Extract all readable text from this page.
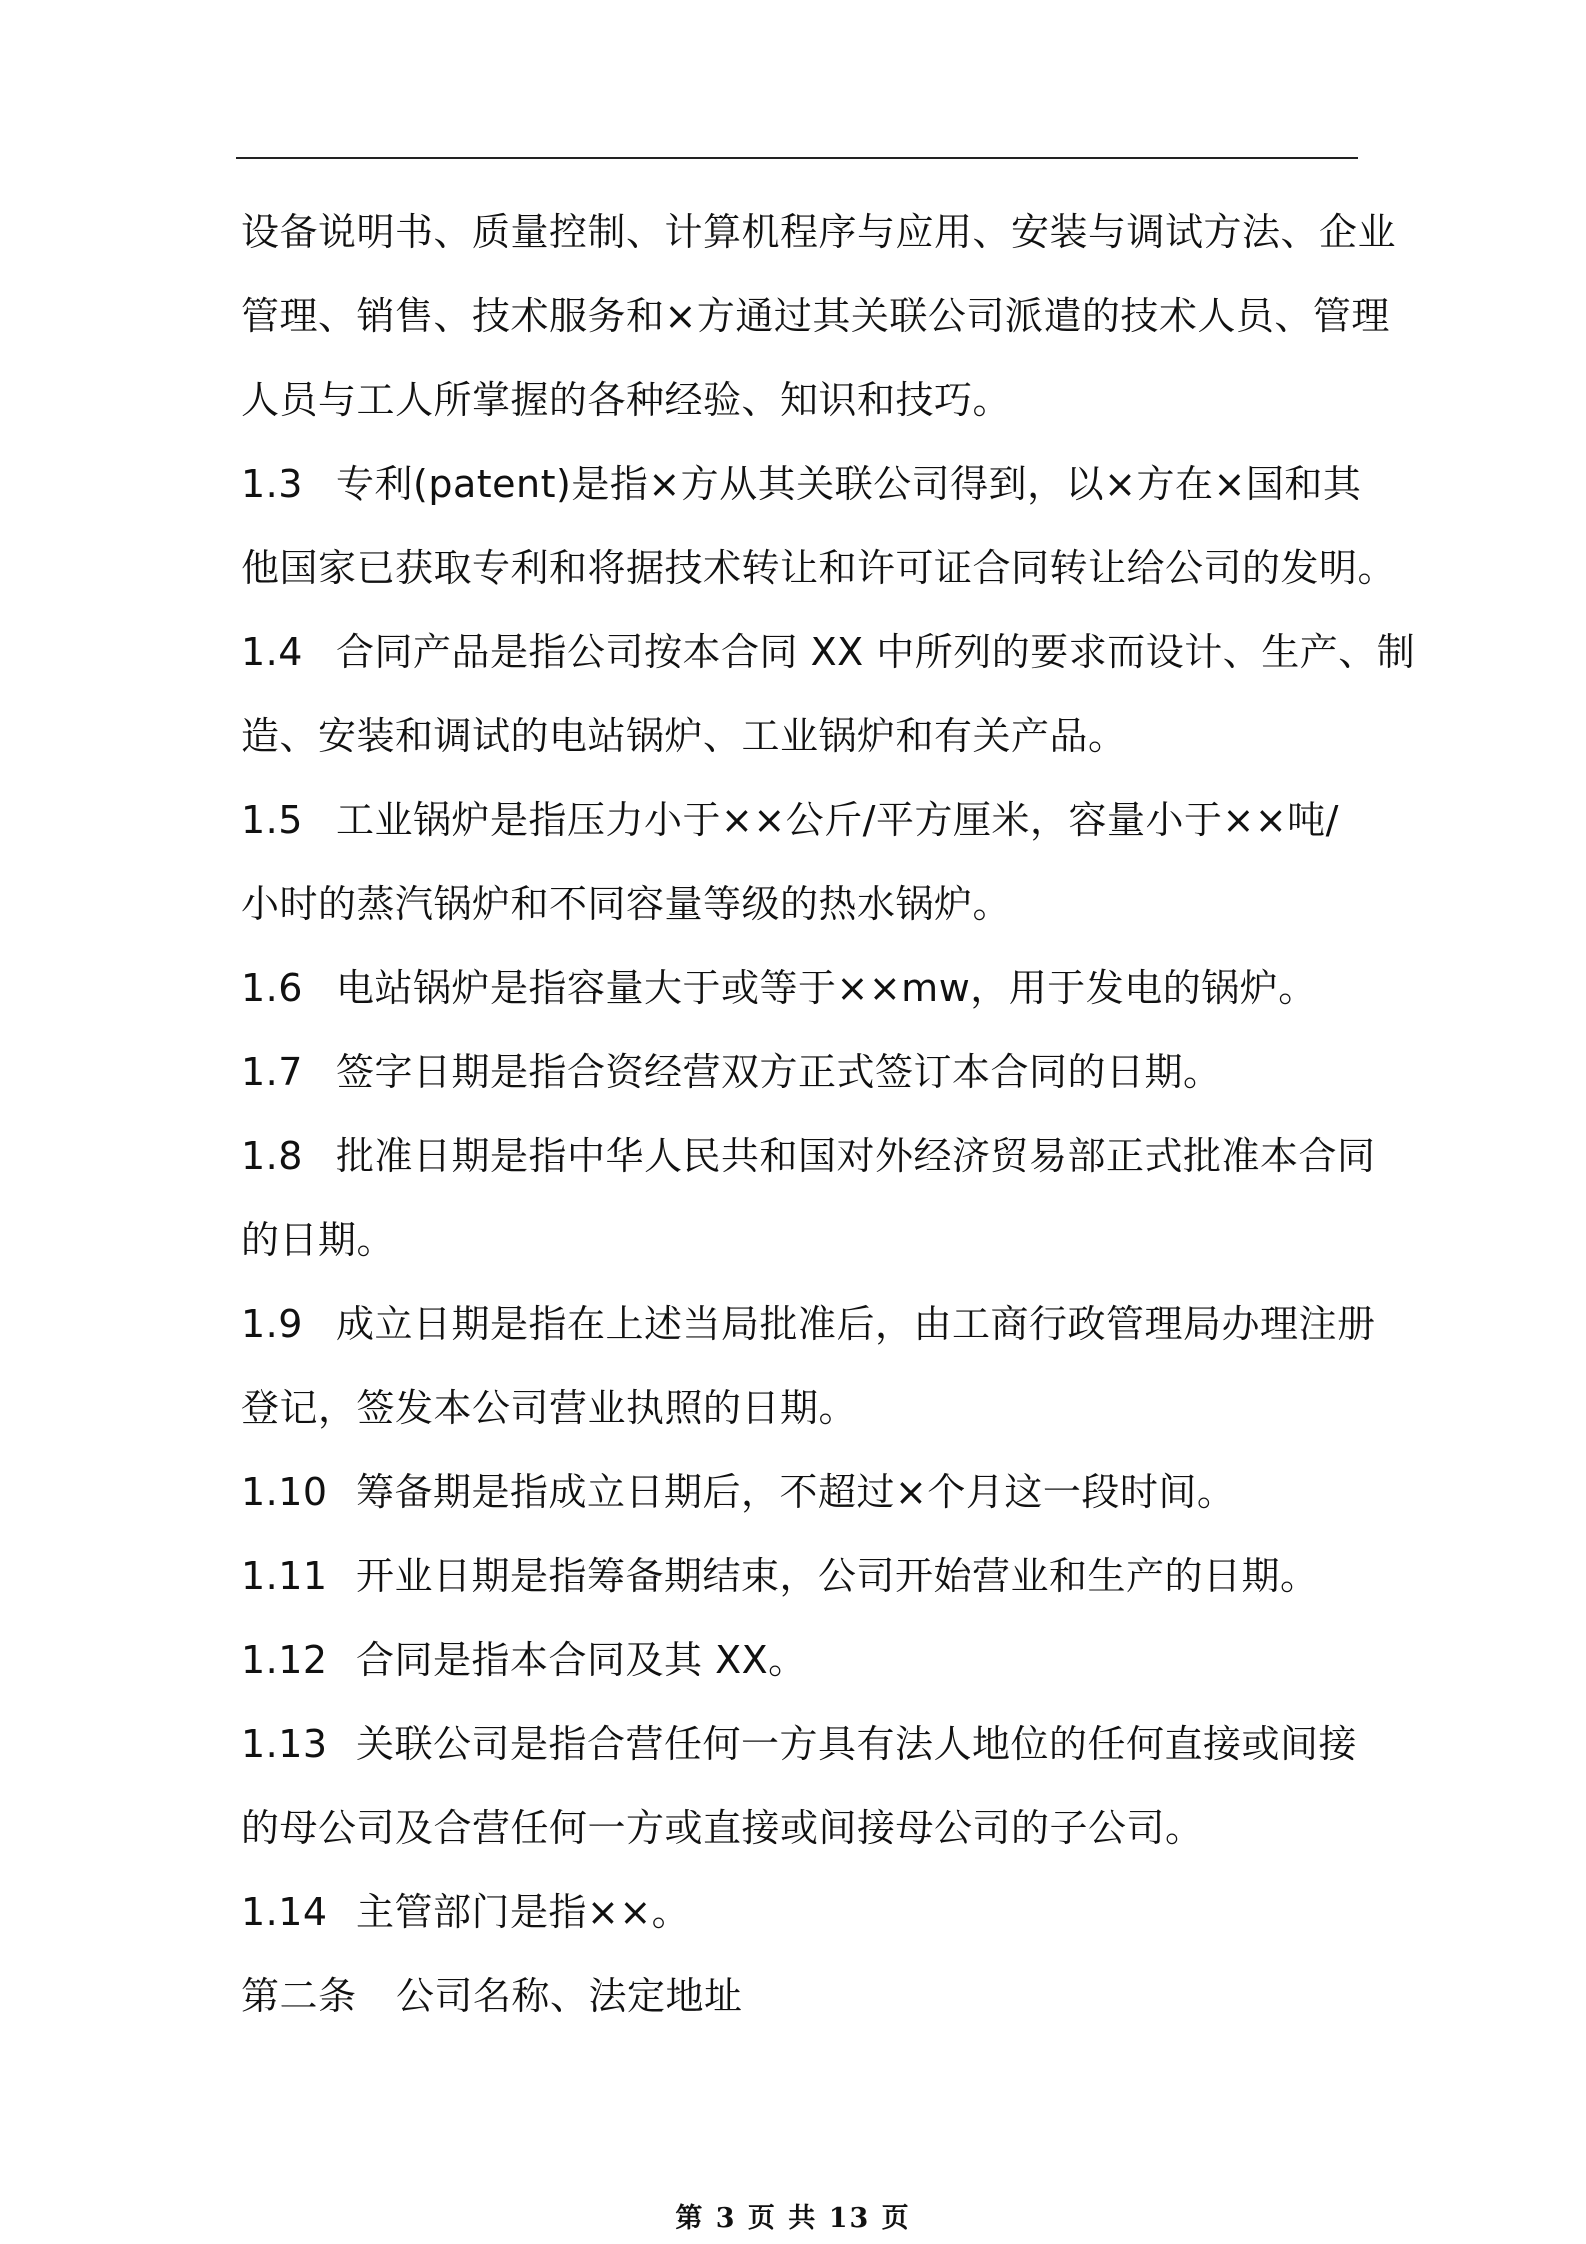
设备说明书、质量控制、计算机程序与应用、安装与调试方法、企业

管理、销售、技术服务和×方通过其关联公司派遣的技术人员、管理

人员与工人所掌握的各种经验、知识和技巧。

1.3 专利(patent)是指×方从其关联公司得到，以×方在×国和其

他国家已获取专利和将据技术转让和许可证合同转让给公司的发明。

1.4 合同产品是指公司按本合同 XX 中所列的要求而设计、生产、制

造、安装和调试的电站锅炉、工业锅炉和有关产品。

1.5 工业锅炉是指压力小于××公斤/平方厘米，容量小于××吨/

小时的蒸汽锅炉和不同容量等级的热水锅炉。

1.6 电站锅炉是指容量大于或等于××mw，用于发电的锅炉。

1.7 签字日期是指合资经营双方正式签订本合同的日期。

1.8 批准日期是指中华人民共和国对外经济贸易部正式批准本合同

的日期。

1.9 成立日期是指在上述当局批准后，由工商行政管理局办理注册

登记，签发本公司营业执照的日期。

1.10 筹备期是指成立日期后，不超过×个月这一段时间。

1.11 开业日期是指筹备期结束，公司开始营业和生产的日期。

1.12 合同是指本合同及其 XX。

1.13 关联公司是指合营任何一方具有法人地位的任何直接或间接

的母公司及合营任何一方或直接或间接母公司的子公司。

1.14 主管部门是指××。

第二条 公司名称、法定地址

第 3 页 共 13 页
